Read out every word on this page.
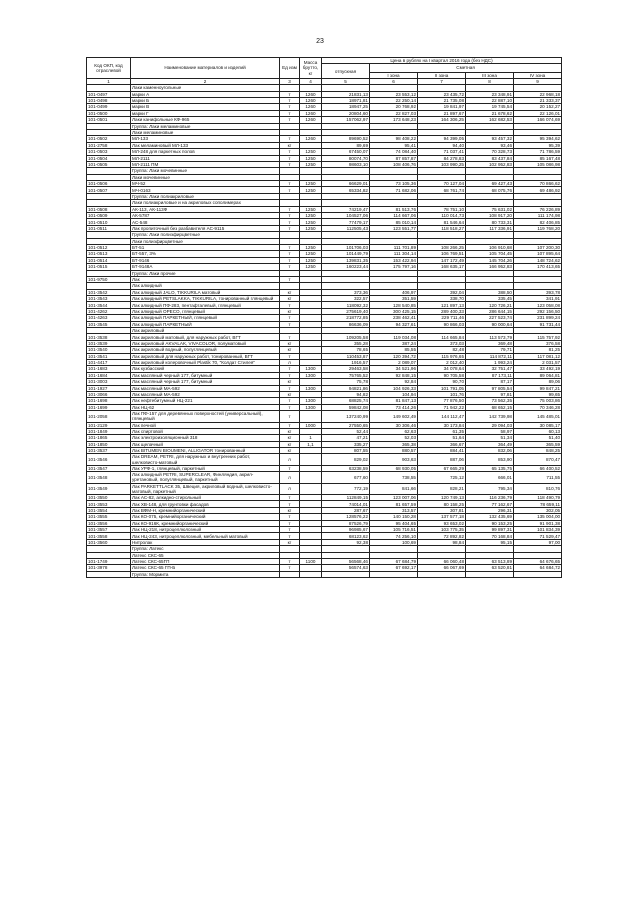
23
Код ОКП, код отраслевой	Наименование материалов и изделий	Ед изм	Масса брутто, кг	Цена в рублях на I квартал 2016 года (без НДС)				
				отпускная	Сметная			
					I зона	II зона	III зона	IV зона
1	2	3	4	5	6	7	8	9
	Лаки каменноугольные							
101-0497	марки А	т	1260	21831,13	23 553,12	23 435,72	23 348,91	22 968,18
101-0498	марки Б	т	1260	18971,81	22 250,14	21 735,08	22 887,10	21 333,37
101-0499	марки В	т	1260	18947,25	20 768,92	19 841,97	19 745,54	20 152,27
101-0500	марки Г	т	1260	20804,60	22 827,03	21 897,67	21 678,62	22 126,01
101-0501	Лаки канифольные КФ-965	т	1260	157062,97	173 648,23	164 306,25	162 682,53	166 074,69
	Группа: Лаки меламиновые							
	Лаки меламиновые							
101-0502	МЛ-133	т	1260	89690,52	98 408,22	94 399,05	93 457,32	95 394,62
101-2758	Лак меламиновый МЛ-133	кг		89,69	95,41	94,40	93,46	95,39
101-0503	МЛ-248 для паркетных полов	т	1250	67450,07	74 084,40	71 037,41	70 328,73	71 786,59
101-0504	МЛ-2111	т	1250	80074,70	87 857,87	84 278,83	83 437,84	85 167,48
101-0505	МЛ-2111 ПМ	т	1250	98603,10	108 406,76	103 990,25	102 952,83	105 086,98
	Группа: Лаки мочевинные							
	Лаки мочевинные							
101-0506	МЧ-52	т	1250	66629,01	73 105,36	70 127,04	69 427,43	70 866,62
101-0507	МЧ-0163	т	1250	65334,82	71 682,06	68 761,74	68 075,76	69 486,92
	Группа: Лаки полиакриловые							
	Лаки полиакриловые и на акриловых сополимерах							
101-0508	АК-113, АК-113Ф	т	1250	74219,47	81 513,76	78 751,10	75 631,02	76 226,89
101-0509	АК-5787	т	1250	104527,06	114 667,06	110 014,73	108 917,20	111 174,98
101-0510	АС-548	т	1250	77479,17	85 010,14	81 546,64	80 733,31	82 406,85
101-0511	Лак пропиточный без разбавителя АС-9115	т	1250	112505,43	123 551,77	118 518,27	117 336,91	119 768,20
	Группа: Лаки полиэфирцветные							
	Лаки полиэфирцветные							
101-0512	БТ-51	т	1250	101706,03	111 701,89	108 266,25	106 910,68	107 200,30
101-0513	БТ-557, 3%	т	1250	101449,79	111 304,14	106 769,51	105 704,45	107 895,64
101-0514	БТ-9146	т	1250	139831,35	153 422,94	147 172,49	145 704,26	148 724,62
101-0515	БТ-9148А	т	1250	160223,44	175 797,16	168 635,17	166 952,83	170 413,65
	Группа: Лаки прочие							
101-9750	Лак	т						
	Лак алкидный							
101-3542	Лак алкидный JALO, TIKKURILA матовый	кг		373,36	406,97	392,04	388,50	393,78
101-3543	Лак алкидный PETSLAKKA, TIKKURILA, тонированный глянцевый	кг		322,57	351,59	338,70	335,45	341,91
101-3544	Лак алкидный ПФ-283, пентафталевый, глянцевый	т		118092,32	128 540,85	121 897,13	120 726,21	123 058,08
101-4262	Лак алкидный OPECO, глянцевый	кг		275619,40	300 425,15	289 400,33	286 644,15	292 156,50
101-4263	Лак алкидный ПАРКЕТНЫЙ, глянцевый	т		218772,85	238 462,41	229 711,46	227 523,74	231 899,24
101-3545	Лак алкидный ПАРКЕТНЫЙ	т		86636,09	94 327,61	90 866,03	90 000,64	91 731,44
	Лак акриловый							
101-3538	Лак акриловый матовый, для наружных работ, ВГТ	т		109205,58	119 034,08	114 665,84	113 573,79	115 757,92
101-3539	Лак акриловый AKVALAK, VIVACOLOR, полуматовый	кг		355,28	387,24	373,03	369,48	376,58
101-3540	Лак акриловый водный, полуглянцевый	кг		78,65	85,55	82,48	79,71	81,25
101-3541	Лак акриловый для наружных работ, тонированный, ВГТ	т		110453,87	120 394,72	115 976,65	114 872,11	117 081,12
101-4417	Лак акриловый колеровочный Plastik 70, "Колдат Стилея"	л		1916,57	2 089,07	2 012,40	1 993,24	2 031,57
101-1683	Лак кузбасский	т	1300	29463,58	34 521,96	34 078,64	32 751,47	33 492,19
101-1684	Лак масляный черный 177, битумный	т	1300	75765,52	92 848,15	90 705,58	87 173,11	89 064,81
101-3003	Лак масляный черный 177, битумный	кг		75,78	92,84	90,70	87,17	89,06
101-1927	Лак масляный МА-592	т	1300	94821,86	104 926,33	101 791,05	97 805,54	99 847,21
101-3066	Лак масляный МА-592	кг		94,82	104,94	101,76	97,81	99,65
101-1698	Лак нефтебитумный НЦ-221	т	1300	68825,74	81 847,13	77 876,50	73 562,35	75 003,86
101-1699	Лак НЦ-62	т	1300	59842,08	73 414,26	71 942,22	68 652,15	70 346,28
101-2058	Лак ПФ-157 для деревянных поверхностей (универсальный), глянцевый	т		137240,99	149 602,49	144 112,47	142 739,98	145 485,01
101-2129	Лак печной	т	1000	27550,65	30 306,46	30 173,84	29 094,03	30 085,17
101-1849	Лак спиртовой	кг		52,44	62,63	61,35	58,97	60,13
101-1865	Лак электроизоляционный 318	кг	1	47,21	52,03	51,64	51,34	51,40
101-1850	Лак щелачный	кг	1,1	335,27	365,38	366,67	364,49	365,59
101-3537	Лак BITUMEN BIOUMENI, ALLIGATOR тонированный	кг		807,55	880,57	884,41	832,06	848,25
101-3546	Лак DREAM, PETRI, для наружных и внутренних работ, шелковисто-матовый	л		829,02	903,63	887,06	853,90	870,47
101-3547	Лак УРФ-1, глянцевый, паркетный	т		63238,59	68 930,05	67 665,29	65 135,75	66 400,52
101-3548	Лак алкидный PETRI, SUPERCLEAR, Финляндия, акрил-уретановый, полуглянцевый, паркетный	л		677,60	738,55	725,12	666,01	711,55
101-3549	Лак PARKETTLACK 35, Швеция, акриловый водный, шелковисто-матовый, паркетный	л		772,19	841,66	828,21	795,34	810,76
101-3550	Лак АС-82, алкидно-стирольный	т		112849,15	123 007,06	120 749,13	116 236,79	118 490,79
101-3553	Лак ХВ-148, для грунтовки фасадов	т		74014,01	81 657,59	80 158,25	77 162,67	78 659,11
101-3554	Лак ВФМ-Н, кремнийорганический	кг		287,67	313,57	307,81	296,31	302,05
101-3555	Лак КО-075, кремнийорганический	т		128576,22	140 150,28	137 577,18	132 435,69	135 004,00
101-3556	Лак КО-916К, кремнийорганический	т		87526,79	95 404,65	93 653,02	90 153,25	91 901,38
101-3557	Лак НЦ-218, нитроцеллюлозный	т		96985,67	105 716,51	103 775,35	99 897,31	101 834,39
101-3558	Лак НЦ-243, нитроцеллюлозный, мебельный матовый	т		68123,62	74 256,10	72 892,82	70 168,84	71 529,47
101-3560	Нитролак	кг		92,38	100,69	98,84	95,15	97,00
	Группа: Латекс							
	Латекс СКС-65							
101-1749	Латекс СКС-65ГП	т	1100	56568,46	67 684,79	66 060,48	63 513,89	64 676,65
101-3978	Латекс СКС-65 ГП-Б	т		56574,63	67 692,17	66 067,69	63 520,81	64 684,72
	Группа: Мормита							
